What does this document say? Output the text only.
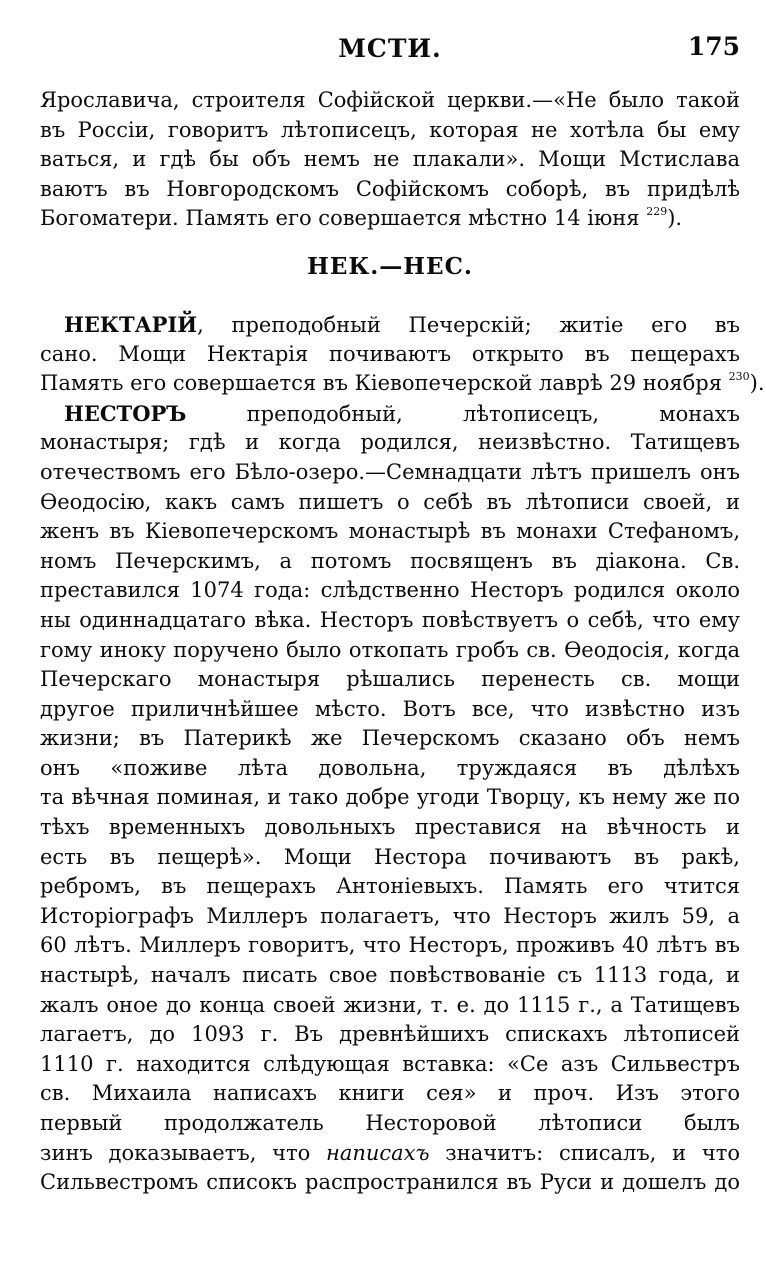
МСТИ.	175
Ярославича, строителя Софійской церкви.—«Не было такой
въ Россіи, говоритъ лѣтописецъ, которая не хотѣла бы ему
ваться, и гдѣ бы объ немъ не плакали». Мощи Мстислава
ваютъ въ Новгородскомъ Софійскомъ соборѣ, въ придѣлѣ
Богоматери. Память его совершается мѣстно 14 іюня $^{229}$).
НЕК.—НЕС.
НЕКТАРІЙ, преподобный Печерскій; житіе его въ
сано. Мощи Нектарія почиваютъ открыто въ пещерахъ
Память его совершается въ Кіевопечерской лаврѣ 29 ноября $^{230}$).
НЕСТОРЪ	преподобный, лѣтописецъ, монахъ
монастыря; гдѣ и когда родился, неизвѣстно. Татищевъ
отечествомъ его Бѣло-озеро.—Семнадцати лѣтъ пришелъ онъ
Ѳеодосію, какъ самъ пишетъ о себѣ въ лѣтописи своей, и
женъ въ Кіевопечерскомъ монастырѣ въ монахи Стефаномъ,
номъ Печерскимъ, а потомъ посвященъ въ діакона. Св.
преставился 1074 года: слѣдственно Несторъ родился около
ны одиннадцатаго вѣка. Несторъ повѣствуетъ о себѣ, что ему
гому иноку поручено было откопать гробъ св. Ѳеодосія, когда
Печерскаго монастыря рѣшались перенесть св. мощи
другое приличнѣйшее мѣсто. Вотъ все, что извѣстно изъ
жизни; въ Патерикѣ же Печерскомъ сказано объ немъ
онъ «поживе лѣта довольна, труждаяся въ дѣлѣхъ
та вѣчная поминая, и тако добре угоди Творцу, къ нему же по
тѣхъ временныхъ довольныхъ преставися на вѣчность и
есть въ пещерѣ». Мощи Нестора почиваютъ въ ракѣ,
ребромъ, въ пещерахъ Антоніевыхъ. Память его чтится
Исторіографъ Миллеръ полагаетъ, что Несторъ жилъ 59, а
60 лѣтъ. Миллеръ говоритъ, что Несторъ, проживъ 40 лѣтъ въ
настырѣ, началъ писать свое повѣствованіе съ 1113 года, и
жалъ оное до конца своей жизни, т. е. до 1115 г., а Татищевъ
лагаетъ, до 1093 г. Въ древнѣйшихъ спискахъ лѣтописей
1110 г. находится слѣдующая вставка: «Се азъ Сильвестръ
св. Михаила написахъ книги сея» и проч. Изъ этого
первый продолжатель Несторовой лѣтописи былъ
зинъ доказываетъ, что написахъ значитъ: списалъ, и что
Сильвестромъ списокъ распространился въ Руси и дошелъ до
